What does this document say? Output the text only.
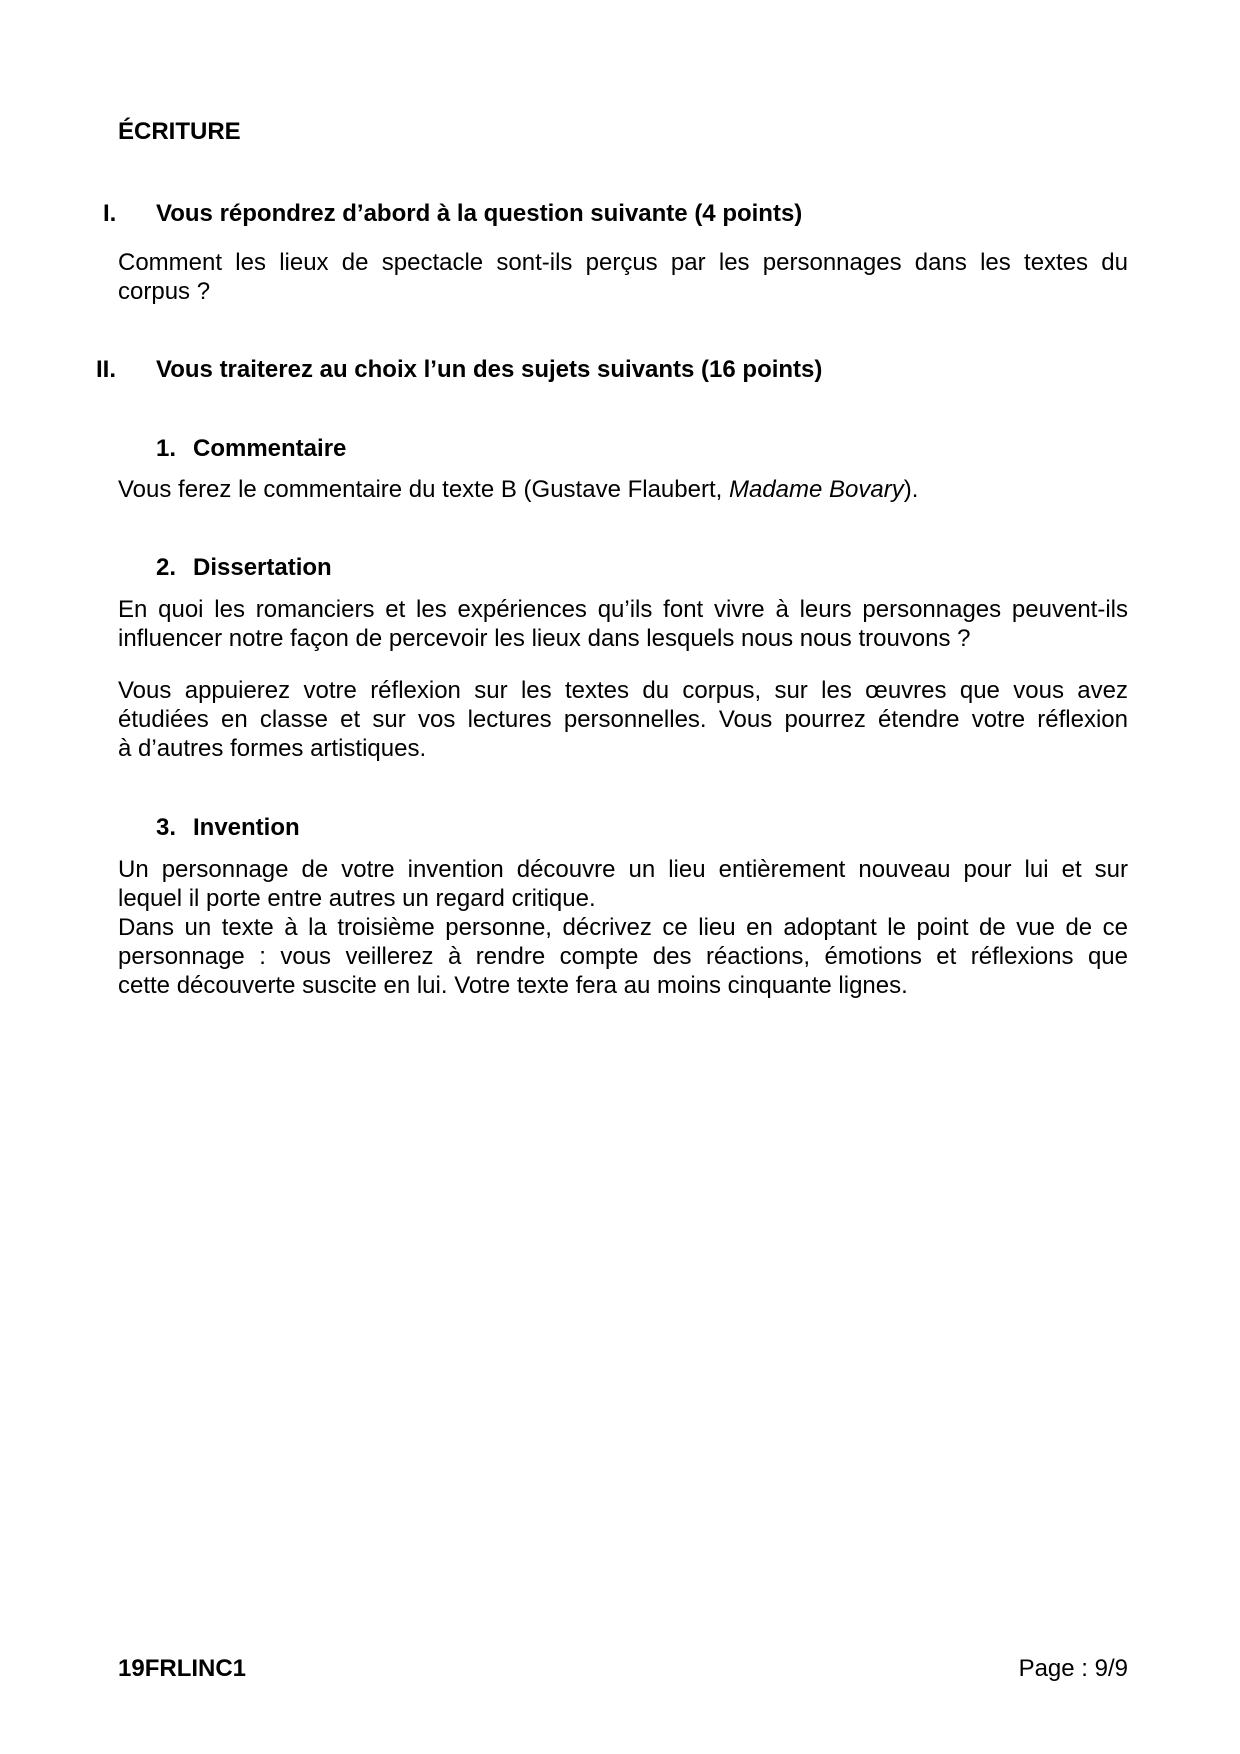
ÉCRITURE
I. Vous répondrez d’abord à la question suivante (4 points)
Comment les lieux de spectacle sont-ils perçus par les personnages dans les textes du
corpus ?
II. Vous traiterez au choix l’un des sujets suivants (16 points)
1. Commentaire
Vous ferez le commentaire du texte B (Gustave Flaubert, Madame Bovary).
2. Dissertation
En quoi les romanciers et les expériences qu’ils font vivre à leurs personnages peuvent-ils
influencer notre façon de percevoir les lieux dans lesquels nous nous trouvons ?
Vous appuierez votre réflexion sur les textes du corpus, sur les œuvres que vous avez
étudiées en classe et sur vos lectures personnelles. Vous pourrez étendre votre réflexion
à d’autres formes artistiques.
3. Invention
Un personnage de votre invention découvre un lieu entièrement nouveau pour lui et sur
lequel il porte entre autres un regard critique.
Dans un texte à la troisième personne, décrivez ce lieu en adoptant le point de vue de ce
personnage : vous veillerez à rendre compte des réactions, émotions et réflexions que
cette découverte suscite en lui. Votre texte fera au moins cinquante lignes.
19FRLINC1	Page : 9/9
